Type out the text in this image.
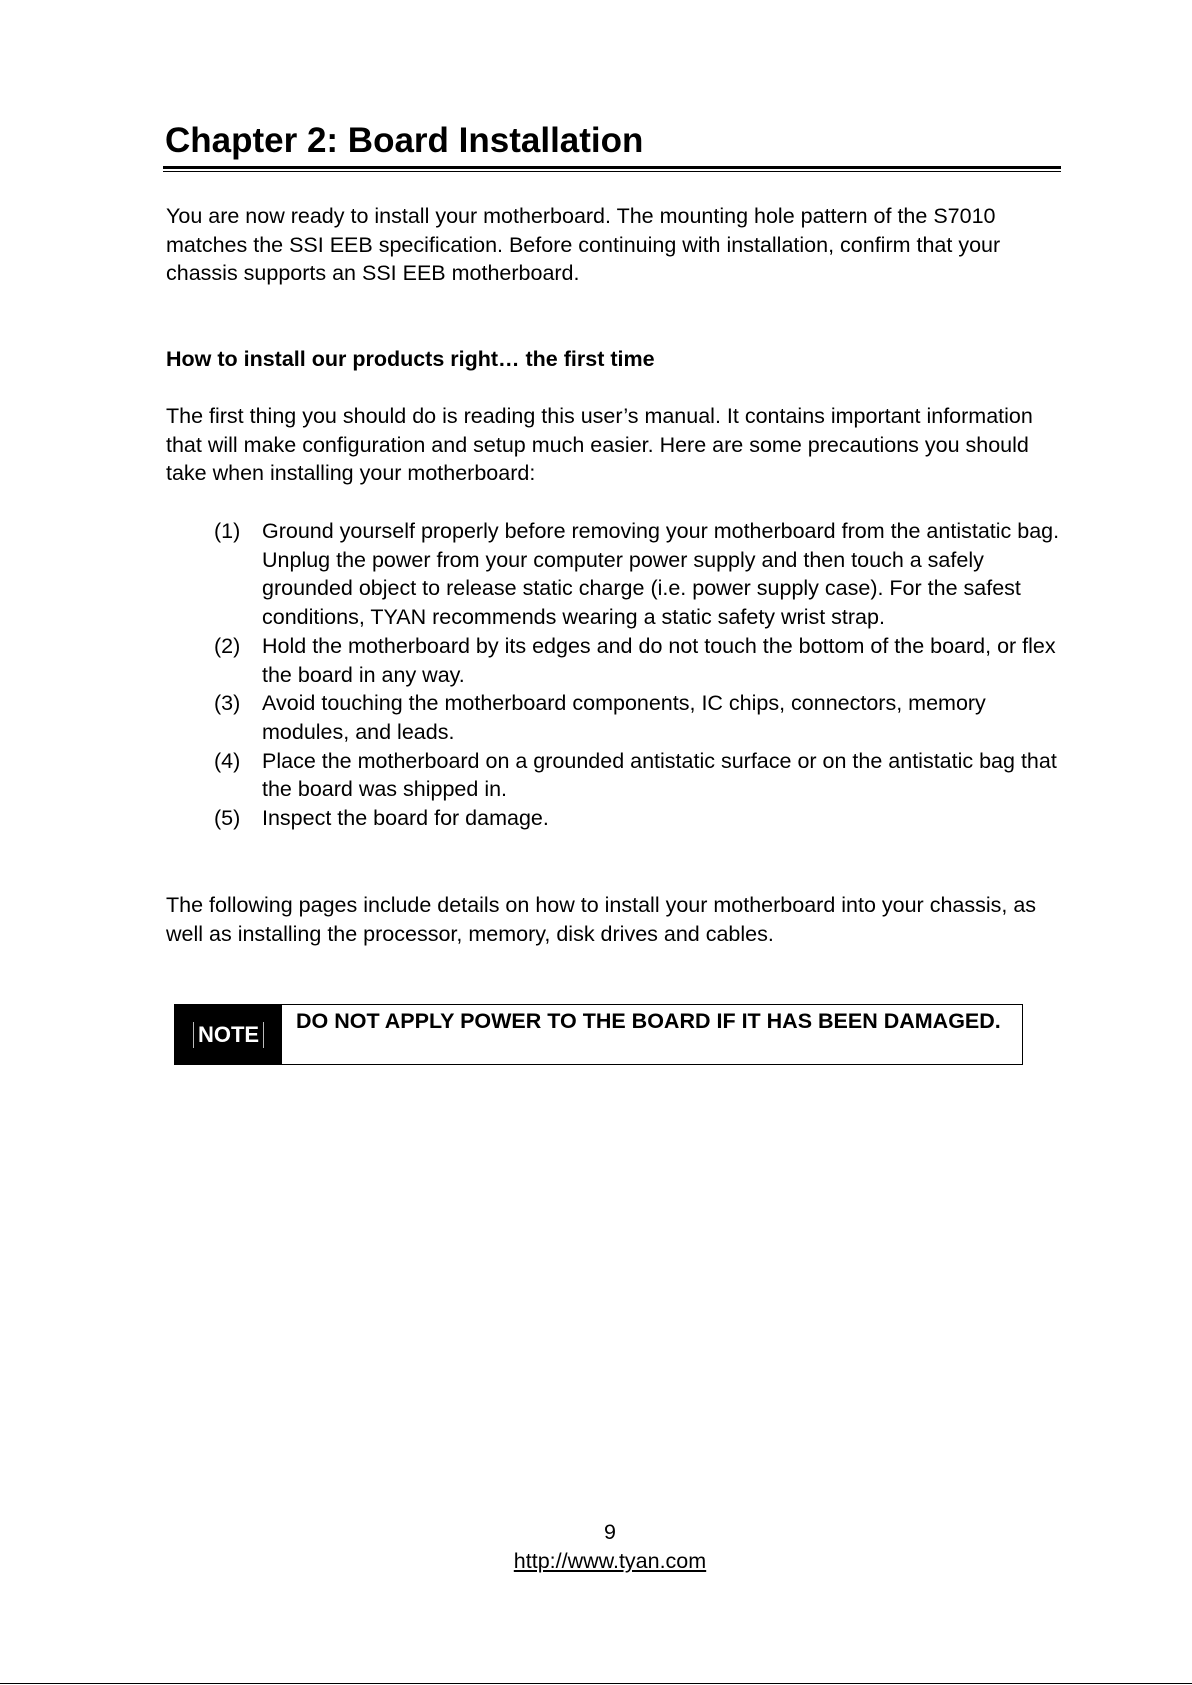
Chapter 2: Board Installation

You are now ready to install your motherboard. The mounting hole pattern of the S7010 matches the SSI EEB specification. Before continuing with installation, confirm that your chassis supports an SSI EEB motherboard.

How to install our products right… the first time

The first thing you should do is reading this user’s manual. It contains important information that will make configuration and setup much easier. Here are some precautions you should take when installing your motherboard:

(1) Ground yourself properly before removing your motherboard from the antistatic bag. Unplug the power from your computer power supply and then touch a safely grounded object to release static charge (i.e. power supply case). For the safest conditions, TYAN recommends wearing a static safety wrist strap.
(2) Hold the motherboard by its edges and do not touch the bottom of the board, or flex the board in any way.
(3) Avoid touching the motherboard components, IC chips, connectors, memory modules, and leads.
(4) Place the motherboard on a grounded antistatic surface or on the antistatic bag that the board was shipped in.
(5) Inspect the board for damage.

The following pages include details on how to install your motherboard into your chassis, as well as installing the processor, memory, disk drives and cables.

NOTE
DO NOT APPLY POWER TO THE BOARD IF IT HAS BEEN DAMAGED.
9
http://www.tyan.com
